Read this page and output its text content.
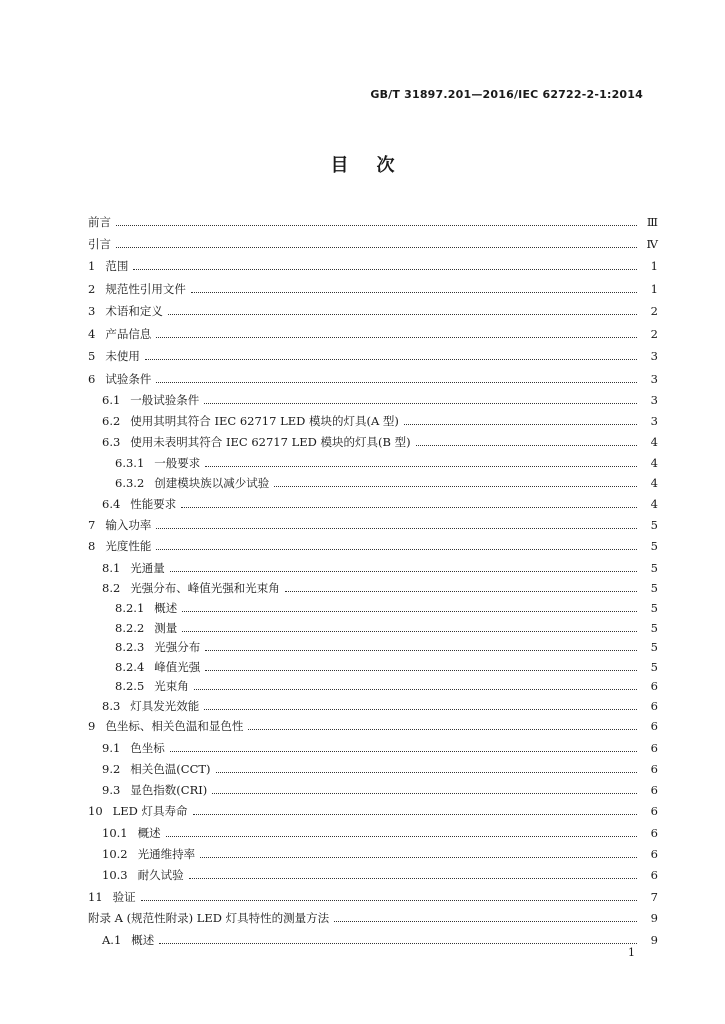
GB/T 31897.201—2016/IEC 62722-2-1:2014
目次
前言	Ⅲ
引言	Ⅳ
1 范围	1
2 规范性引用文件	1
3 术语和定义	2
4 产品信息	2
5 未使用	3
6 试验条件	3
6.1 一般试验条件	3
6.2 使用其明其符合 IEC 62717 LED 模块的灯具(A 型)	3
6.3 使用未表明其符合 IEC 62717 LED 模块的灯具(B 型)	4
6.3.1 一般要求	4
6.3.2 创建模块族以减少试验	4
6.4 性能要求	4
7 输入功率	5
8 光度性能	5
8.1 光通量	5
8.2 光强分布、峰值光强和光束角	5
8.2.1 概述	5
8.2.2 测量	5
8.2.3 光强分布	5
8.2.4 峰值光强	5
8.2.5 光束角	6
8.3 灯具发光效能	6
9 色坐标、相关色温和显色性	6
9.1 色坐标	6
9.2 相关色温(CCT)	6
9.3 显色指数(CRI)	6
10 LED 灯具寿命	6
10.1 概述	6
10.2 光通维持率	6
10.3 耐久试验	6
11 验证	7
附录 A (规范性附录) LED 灯具特性的测量方法	9
A.1 概述	9
1
